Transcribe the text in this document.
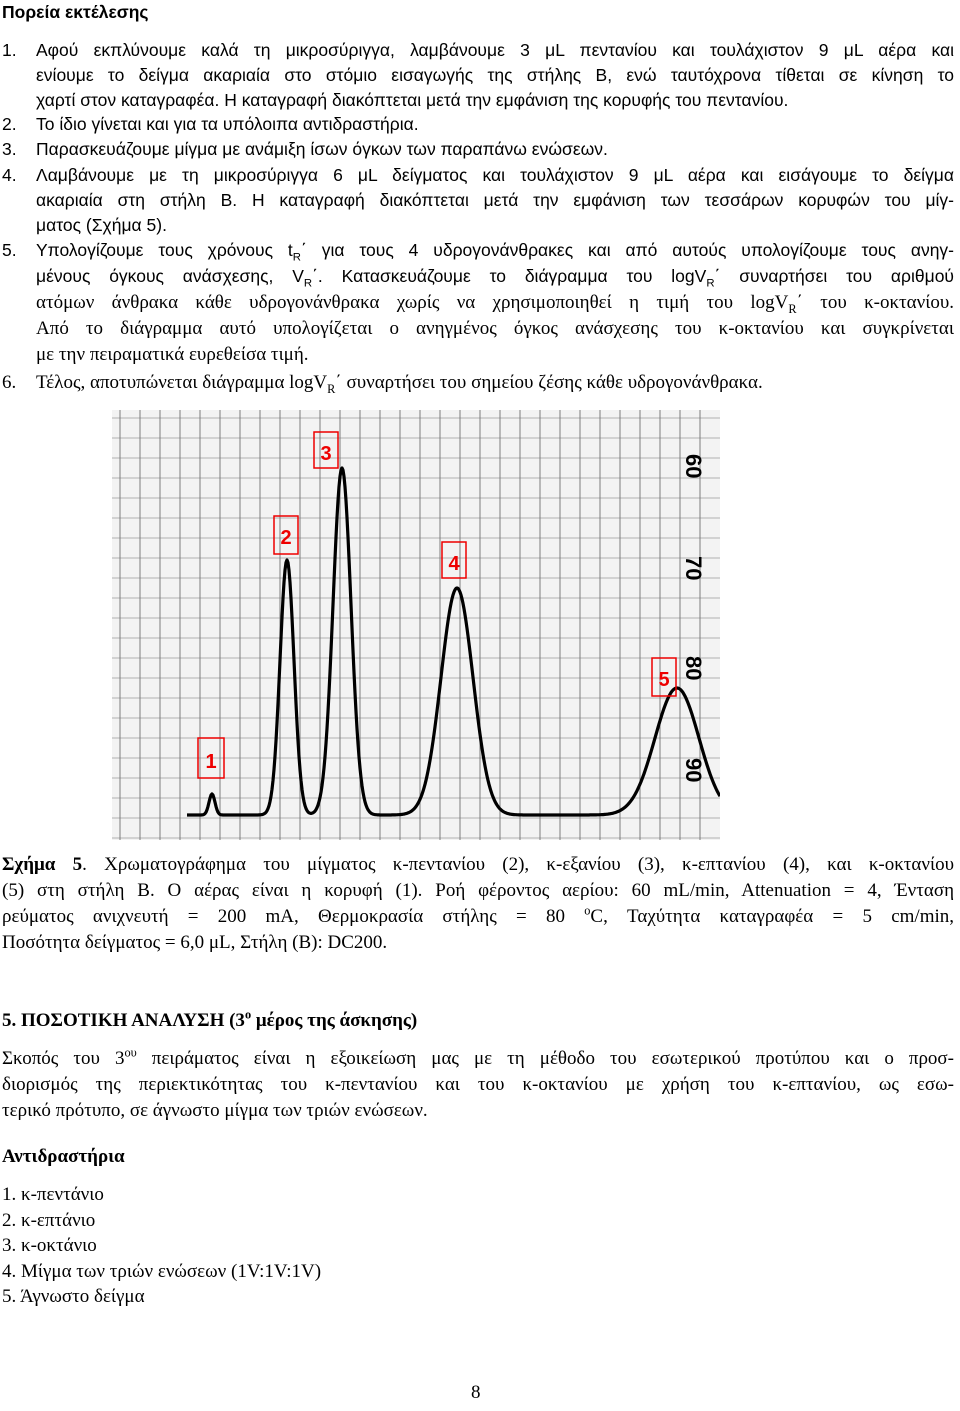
Πορεία εκτέλεσης
1. Αφού εκπλύνουμε καλά τη μικροσύριγγα, λαμβάνουμε 3 μL πεντανίου και τουλάχιστον 9 μL αέρα και
ενίουμε το δείγμα ακαριαία στο στόμιο εισαγωγής της στήλης Β, ενώ ταυτόχρονα τίθεται σε κίνηση το
χαρτί στον καταγραφέα. Η καταγραφή διακόπτεται μετά την εμφάνιση της κορυφής του πεντανίου.
2. Το ίδιο γίνεται και για τα υπόλοιπα αντιδραστήρια.
3. Παρασκευάζουμε μίγμα με ανάμιξη ίσων όγκων των παραπάνω ενώσεων.
4. Λαμβάνουμε με τη μικροσύριγγα 6 μL δείγματος και τουλάχιστον 9 μL αέρα και εισάγουμε το δείγμα
ακαριαία στη στήλη Β. Η καταγραφή διακόπτεται μετά την εμφάνιση των τεσσάρων κορυφών του μίγ-
ματος (Σχήμα 5).
5. Υπολογίζουμε τους χρόνους $t_R΄$ για τους 4 υδρογονάνθρακες και από αυτούς υπολογίζουμε τους ανηγ-
μένους όγκους ανάσχεσης, $V_R΄$. Κατασκευάζουμε το διάγραμμα του logV$_R$΄ συναρτήσει του αριθμού
ατόμων άνθρακα κάθε υδρογονάνθρακα χωρίς να χρησιμοποιηθεί η τιμή του logV$_R$΄ του κ-οκτανίου.
Από το διάγραμμα αυτό υπολογίζεται ο ανηγμένος όγκος ανάσχεσης του κ-οκτανίου και συγκρίνεται
με την πειραματικά ευρεθείσα τιμή.
6. Τέλος, αποτυπώνεται διάγραμμα logV$_R$΄ συναρτήσει του σημείου ζέσης κάθε υδρογονάνθρακα.
60
70
80
90
1
2
3
4
5
Σχήμα 5. Χρωματογράφημα του μίγματος κ-πεντανίου (2), κ-εξανίου (3), κ-επτανίου (4), και κ-οκτανίου
(5) στη στήλη Β. Ο αέρας είναι η κορυφή (1). Ροή φέροντος αερίου: 60 mL/min, Attenuation = 4, Ένταση
ρεύματος ανιχνευτή = 200 mA, Θερμοκρασία στήλης = 80 $^o$C, Ταχύτητα καταγραφέα = 5 cm/min,
Ποσότητα δείγματος = 6,0 μL, Στήλη (Β): DC200.
5. ΠΟΣΟΤΙΚΗ ΑΝΑΛΥΣΗ ($3^o$ μέρος της άσκησης)
Σκοπός του $3^{o\upsilon}$ πειράματος είναι η εξοικείωση μας με τη μέθοδο του εσωτερικού προτύπου και ο προσ-
διορισμός της περιεκτικότητας του κ-πεντανίου και του κ-οκτανίου με χρήση του κ-επτανίου, ως εσω-
τερικό πρότυπο, σε άγνωστο μίγμα των τριών ενώσεων.
Αντιδραστήρια
1. κ-πεντάνιο
2. κ-επτάνιο
3. κ-οκτάνιο
4. Μίγμα των τριών ενώσεων (1V:1V:1V)
5. Άγνωστο δείγμα
8
